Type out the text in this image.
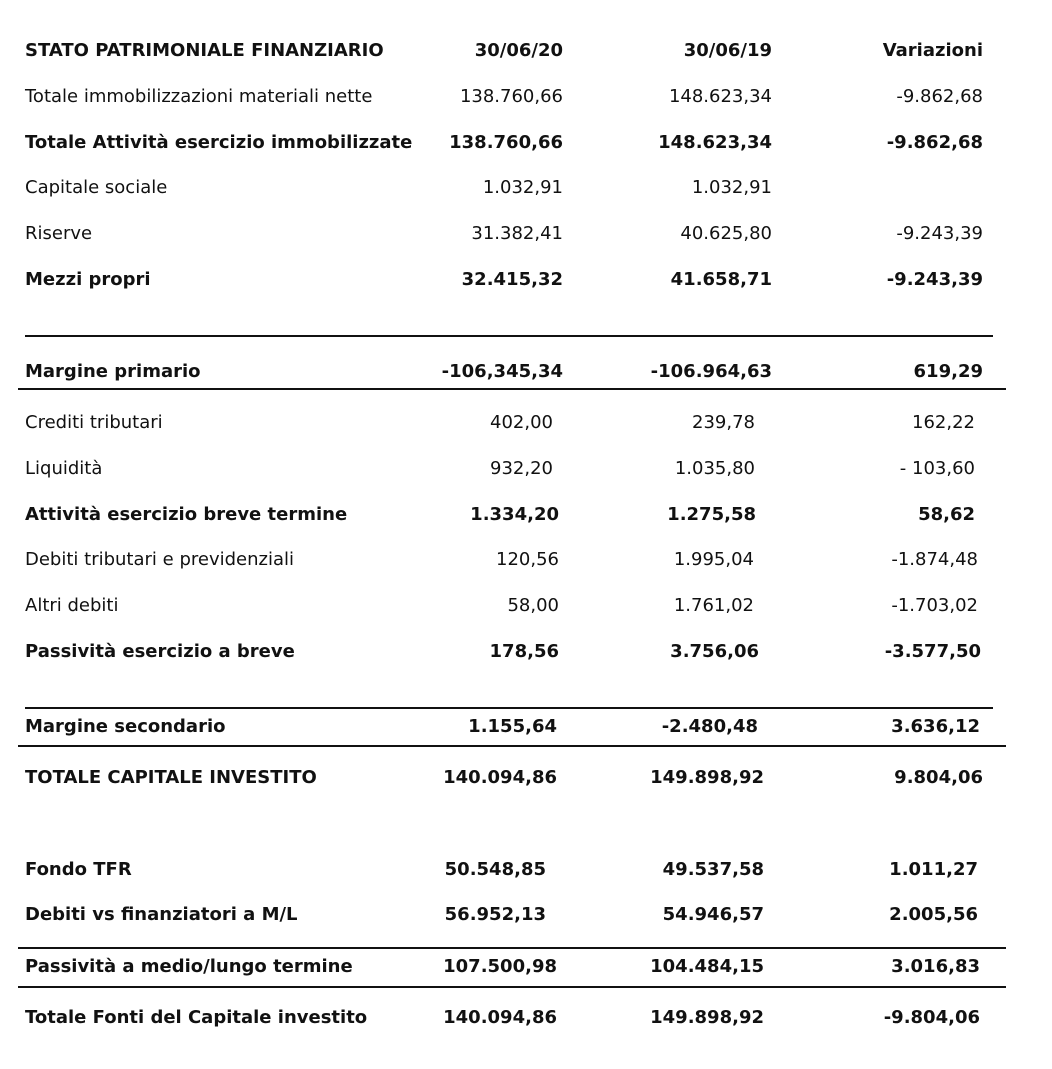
STATO PATRIMONIALE FINANZIARIO	30/06/20	30/06/19	Variazioni
Totale immobilizzazioni materiali nette	138.760,66	148.623,34	-9.862,68
Totale Attività esercizio immobilizzate	138.760,66	148.623,34	-9.862,68
Capitale sociale	1.032,91	1.032,91
Riserve	31.382,41	40.625,80	-9.243,39
Mezzi propri	32.415,32	41.658,71	-9.243,39
Margine primario	-106,345,34	-106.964,63	619,29
Crediti tributari	402,00	239,78	162,22
Liquidità	932,20	1.035,80	- 103,60
Attività esercizio breve termine	1.334,20	1.275,58	58,62
Debiti tributari e previdenziali	120,56	1.995,04	-1.874,48
Altri debiti	58,00	1.761,02	-1.703,02
Passività esercizio a breve	178,56	3.756,06	-3.577,50
Margine secondario	1.155,64	-2.480,48	3.636,12
TOTALE CAPITALE INVESTITO	140.094,86	149.898,92	9.804,06
Fondo TFR	50.548,85	49.537,58	1.011,27
Debiti vs finanziatori a M/L	56.952,13	54.946,57	2.005,56
Passività a medio/lungo termine	107.500,98	104.484,15	3.016,83
Totale Fonti del Capitale investito	140.094,86	149.898,92	-9.804,06
